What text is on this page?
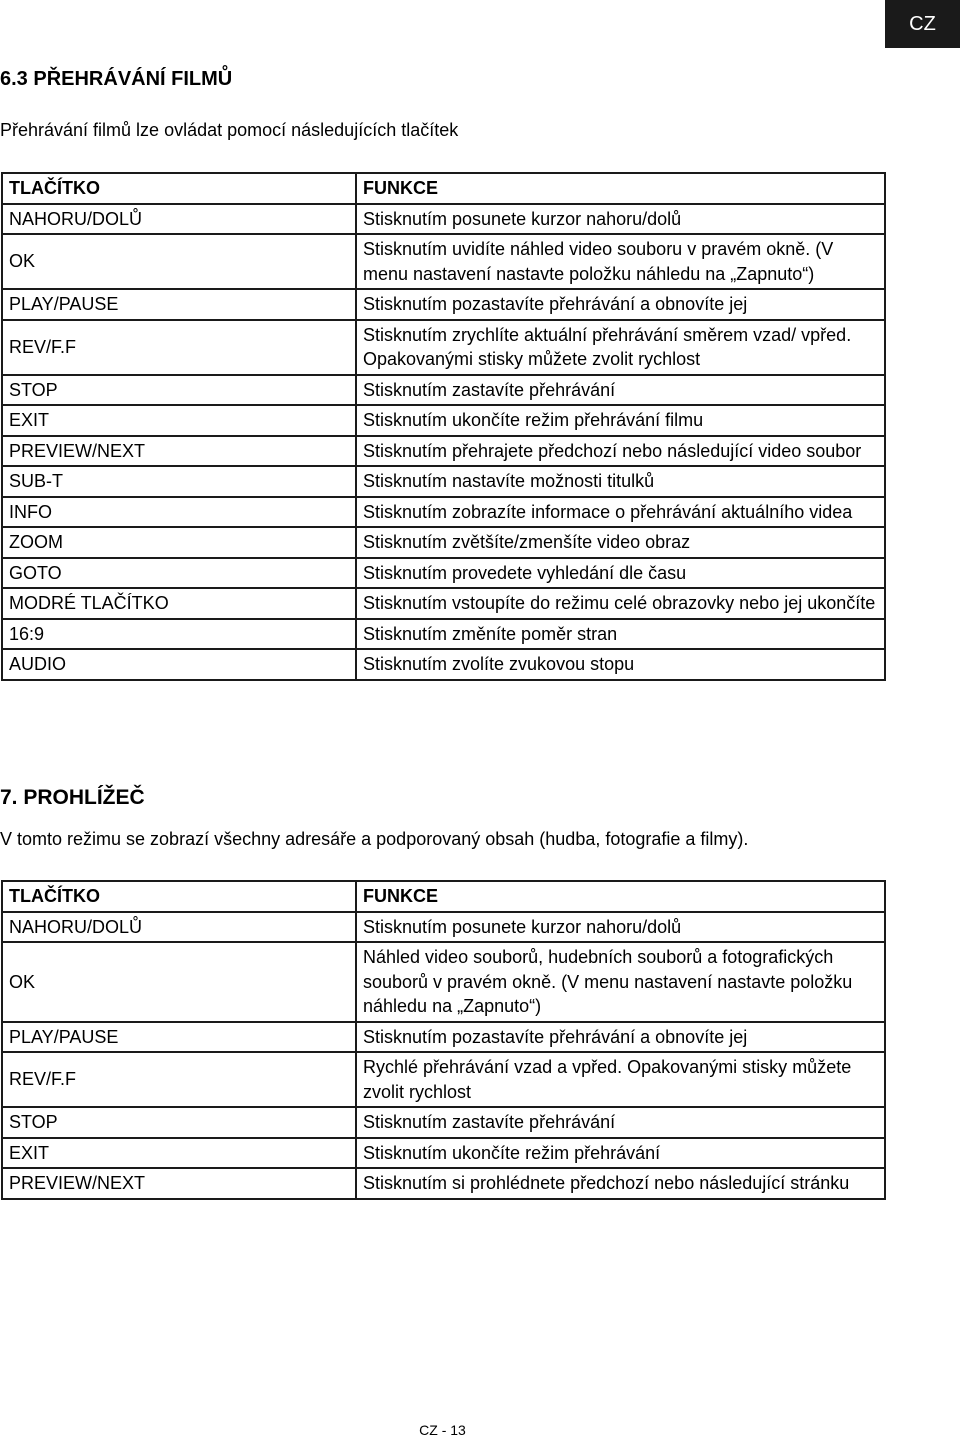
CZ
6.3 PŘEHRÁVÁNÍ FILMŮ
Přehrávání filmů lze ovládat pomocí následujících tlačítek
TLAČÍTKO	FUNKCE
NAHORU/DOLŮ	Stisknutím posunete kurzor nahoru/dolů
OK	Stisknutím uvidíte náhled video souboru v pravém okně. (V menu nastavení nastavte položku náhledu na „Zapnuto“)
PLAY/PAUSE	Stisknutím pozastavíte přehrávání a obnovíte jej
REV/F.F	Stisknutím zrychlíte aktuální přehrávání směrem vzad/ vpřed. Opakovanými stisky můžete zvolit rychlost
STOP	Stisknutím zastavíte přehrávání
EXIT	Stisknutím ukončíte režim přehrávání filmu
PREVIEW/NEXT	Stisknutím přehrajete předchozí nebo následující video soubor
SUB-T	Stisknutím nastavíte možnosti titulků
INFO	Stisknutím zobrazíte informace o přehrávání aktuálního videa
ZOOM	Stisknutím zvětšíte/zmenšíte video obraz
GOTO	Stisknutím provedete vyhledání dle času
MODRÉ TLAČÍTKO	Stisknutím vstoupíte do režimu celé obrazovky nebo jej ukončíte
16:9	Stisknutím změníte poměr stran
AUDIO	Stisknutím zvolíte zvukovou stopu
7. PROHLÍŽEČ
V tomto režimu se zobrazí všechny adresáře a podporovaný obsah (hudba, fotografie a filmy).
TLAČÍTKO	FUNKCE
NAHORU/DOLŮ	Stisknutím posunete kurzor nahoru/dolů
OK	Náhled video souborů, hudebních souborů a fotografických souborů v pravém okně. (V menu nastavení nastavte položku náhledu na „Zapnuto“)
PLAY/PAUSE	Stisknutím pozastavíte přehrávání a obnovíte jej
REV/F.F	Rychlé přehrávání vzad a vpřed. Opakovanými stisky můžete zvolit rychlost
STOP	Stisknutím zastavíte přehrávání
EXIT	Stisknutím ukončíte režim přehrávání
PREVIEW/NEXT	Stisknutím si prohlédnete předchozí nebo následující stránku
CZ - 13
